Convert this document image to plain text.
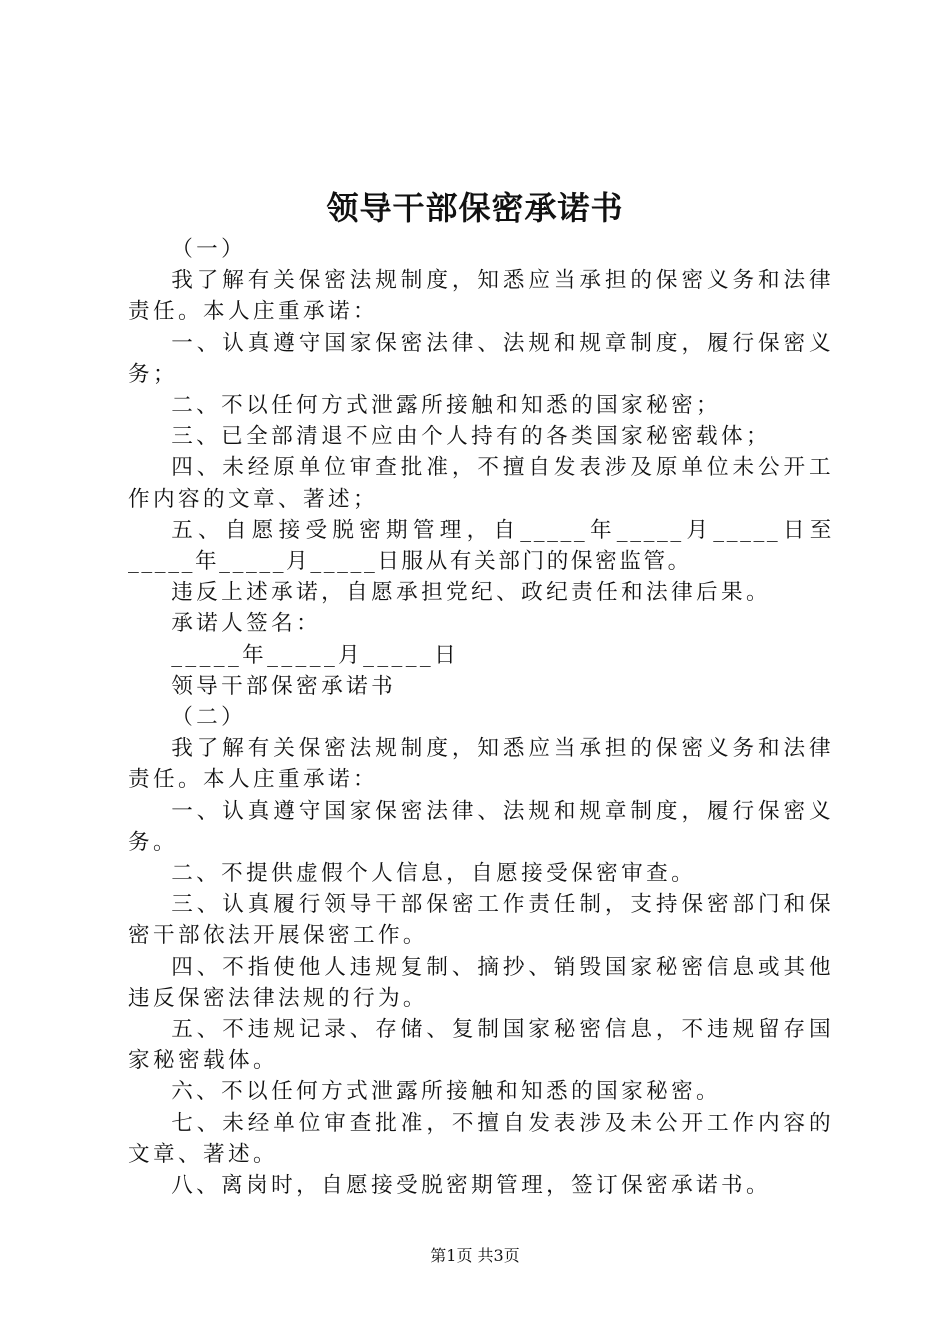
领导干部保密承诺书

（一）

我了解有关保密法规制度，知悉应当承担的保密义务和法律责任。本人庄重承诺：

一、认真遵守国家保密法律、法规和规章制度，履行保密义务；

二、不以任何方式泄露所接触和知悉的国家秘密；

三、已全部清退不应由个人持有的各类国家秘密载体；

四、未经原单位审查批准，不擅自发表涉及原单位未公开工作内容的文章、著述；

五、自愿接受脱密期管理，自_____年_____月_____日至_____年_____月_____日服从有关部门的保密监管。

违反上述承诺，自愿承担党纪、政纪责任和法律后果。

承诺人签名：

_____年_____月_____日

领导干部保密承诺书

（二）

我了解有关保密法规制度，知悉应当承担的保密义务和法律责任。本人庄重承诺：

一、认真遵守国家保密法律、法规和规章制度，履行保密义务。

二、不提供虚假个人信息，自愿接受保密审查。

三、认真履行领导干部保密工作责任制，支持保密部门和保密干部依法开展保密工作。

四、不指使他人违规复制、摘抄、销毁国家秘密信息或其他违反保密法律法规的行为。

五、不违规记录、存储、复制国家秘密信息，不违规留存国家秘密载体。

六、不以任何方式泄露所接触和知悉的国家秘密。

七、未经单位审查批准，不擅自发表涉及未公开工作内容的文章、著述。

八、离岗时，自愿接受脱密期管理，签订保密承诺书。

第1页 共3页
